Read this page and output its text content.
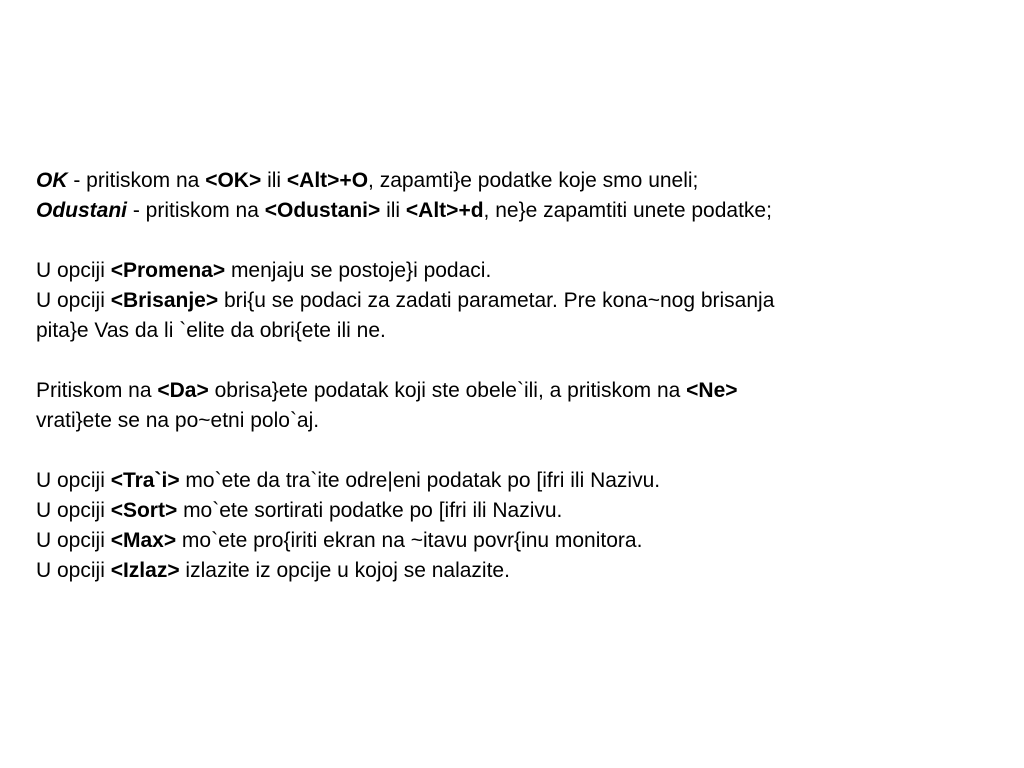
OK - pritiskom na <OK> ili <Alt>+O, zapamti}e podatke koje smo uneli;
Odustani - pritiskom na <Odustani> ili <Alt>+d, ne}e zapamtiti unete podatke;
U opciji <Promena> menjaju se postoje}i podaci.
U opciji <Brisanje> bri{u se podaci za zadati parametar. Pre kona~nog brisanja
pita}e Vas da li `elite da obri{ete ili ne.
Pritiskom na <Da> obrisa}ete podatak koji ste obele`ili, a pritiskom na <Ne>
vrati}ete se na po~etni polo`aj.
U opciji <Tra`i> mo`ete da tra`ite odre|eni podatak po [ifri ili Nazivu.
U opciji <Sort> mo`ete sortirati podatke po [ifri ili Nazivu.
U opciji <Max> mo`ete pro{iriti ekran na ~itavu povr{inu monitora.
U opciji <Izlaz> izlazite iz opcije u kojoj se nalazite.
